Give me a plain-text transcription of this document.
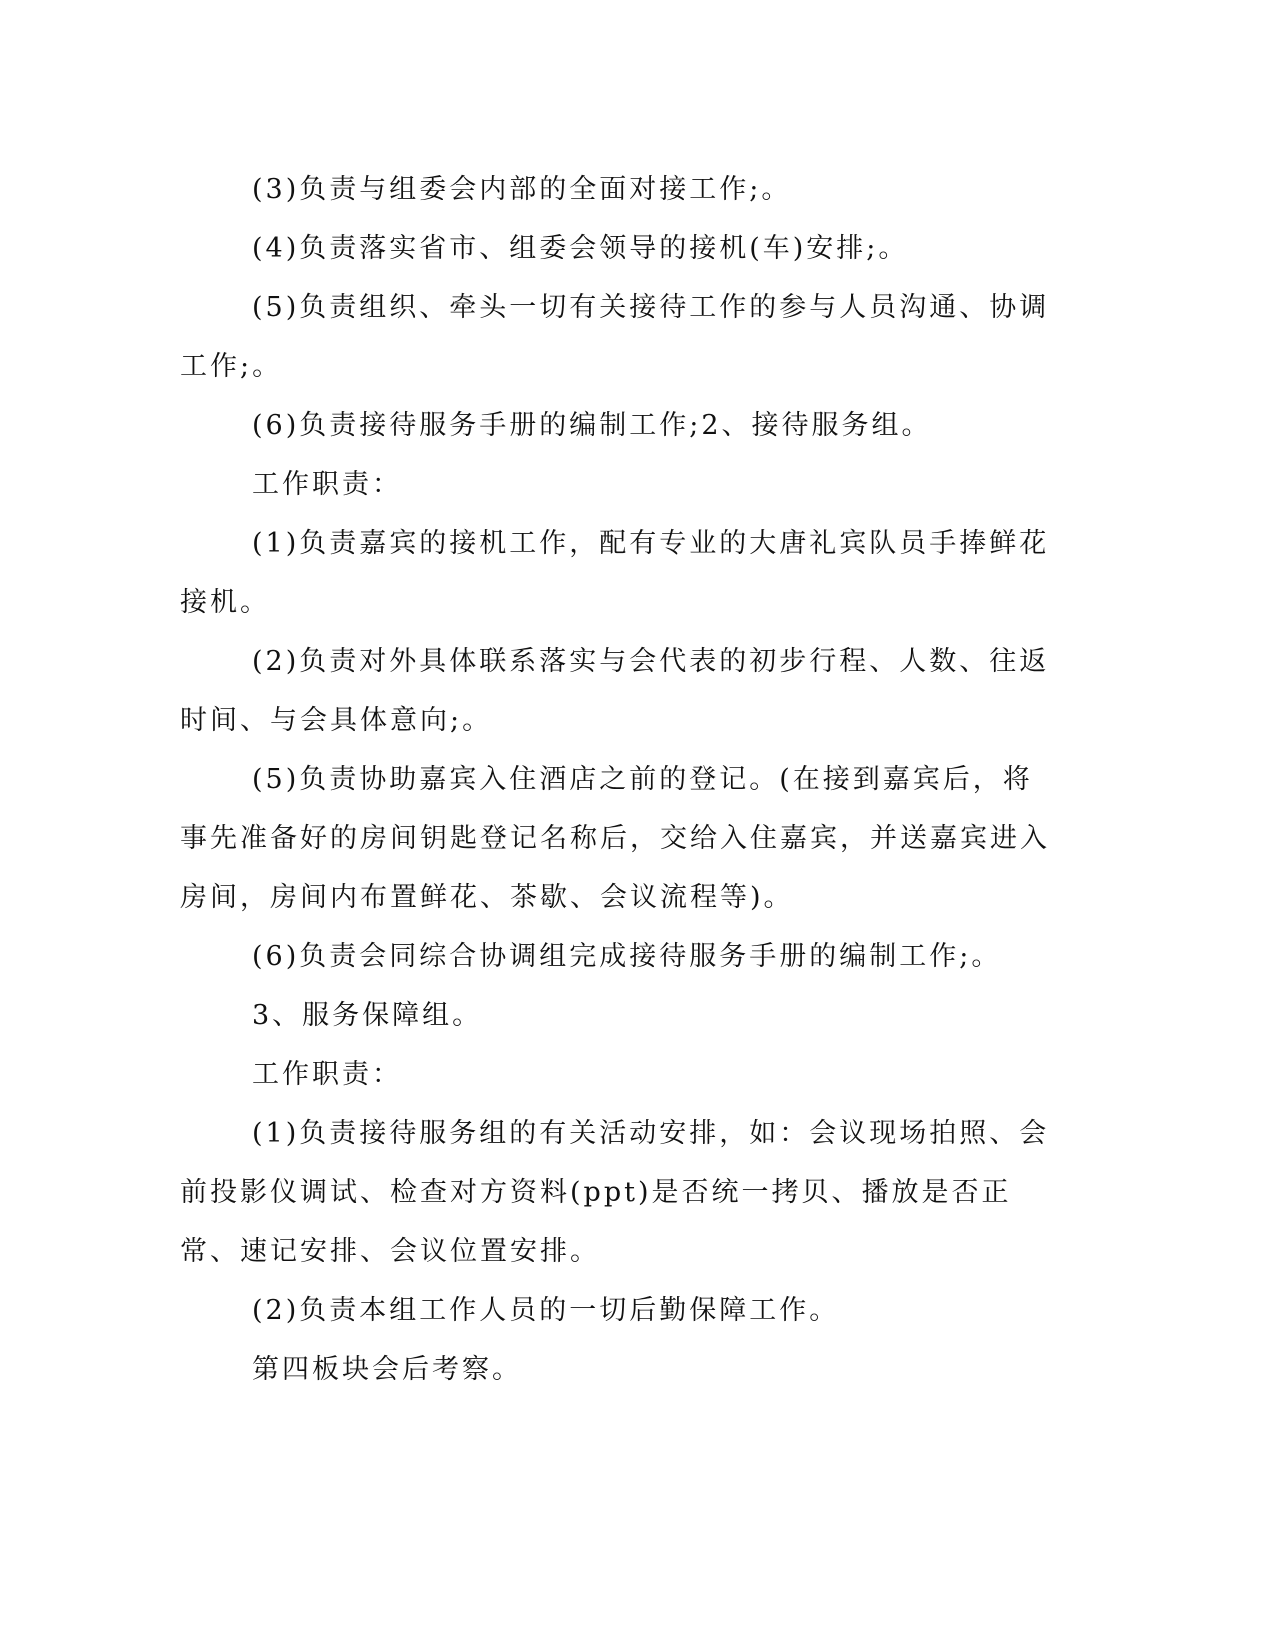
(3)负责与组委会内部的全面对接工作;。

(4)负责落实省市、组委会领导的接机(车)安排;。

(5)负责组织、牵头一切有关接待工作的参与人员沟通、协调工作;。

(6)负责接待服务手册的编制工作;2、接待服务组。

工作职责：

(1)负责嘉宾的接机工作，配有专业的大唐礼宾队员手捧鲜花接机。

(2)负责对外具体联系落实与会代表的初步行程、人数、往返时间、与会具体意向;。

(5)负责协助嘉宾入住酒店之前的登记。(在接到嘉宾后，将事先准备好的房间钥匙登记名称后，交给入住嘉宾，并送嘉宾进入房间，房间内布置鲜花、茶歇、会议流程等)。

(6)负责会同综合协调组完成接待服务手册的编制工作;。

3、服务保障组。

工作职责：

(1)负责接待服务组的有关活动安排，如：会议现场拍照、会前投影仪调试、检查对方资料(ppt)是否统一拷贝、播放是否正常、速记安排、会议位置安排。

(2)负责本组工作人员的一切后勤保障工作。

第四板块会后考察。
